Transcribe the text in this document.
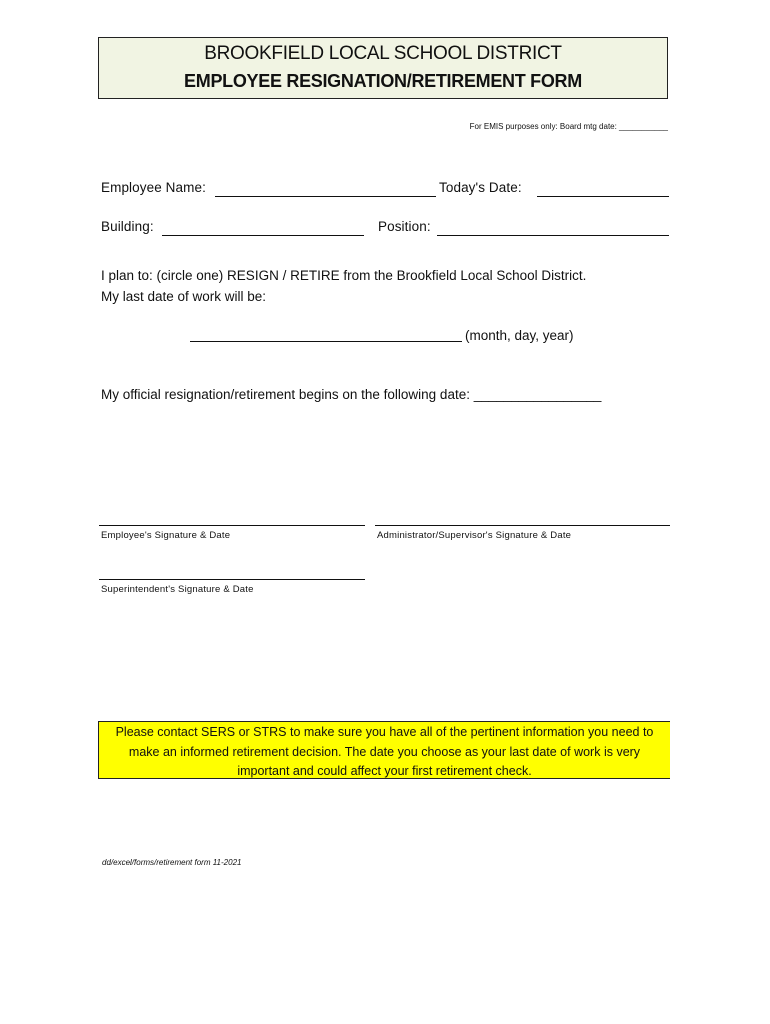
BROOKFIELD LOCAL SCHOOL DISTRICT
EMPLOYEE RESIGNATION/RETIREMENT FORM
For EMIS purposes only: Board mtg date: ___________
Employee Name:	Today's Date:
Building:	Position:
I plan to: (circle one) RESIGN / RETIRE from the Brookfield Local School District.
My last date of work will be:
(month, day, year)
My official resignation/retirement begins on the following date: _________________
Employee's Signature & Date	Administrator/Supervisor's Signature & Date
Superintendent's Signature & Date
Please contact SERS or STRS to make sure you have all of the pertinent information you need to
make an informed retirement decision. The date you choose as your last date of work is very
important and could affect your first retirement check.
dd/excel/forms/retirement form 11-2021
